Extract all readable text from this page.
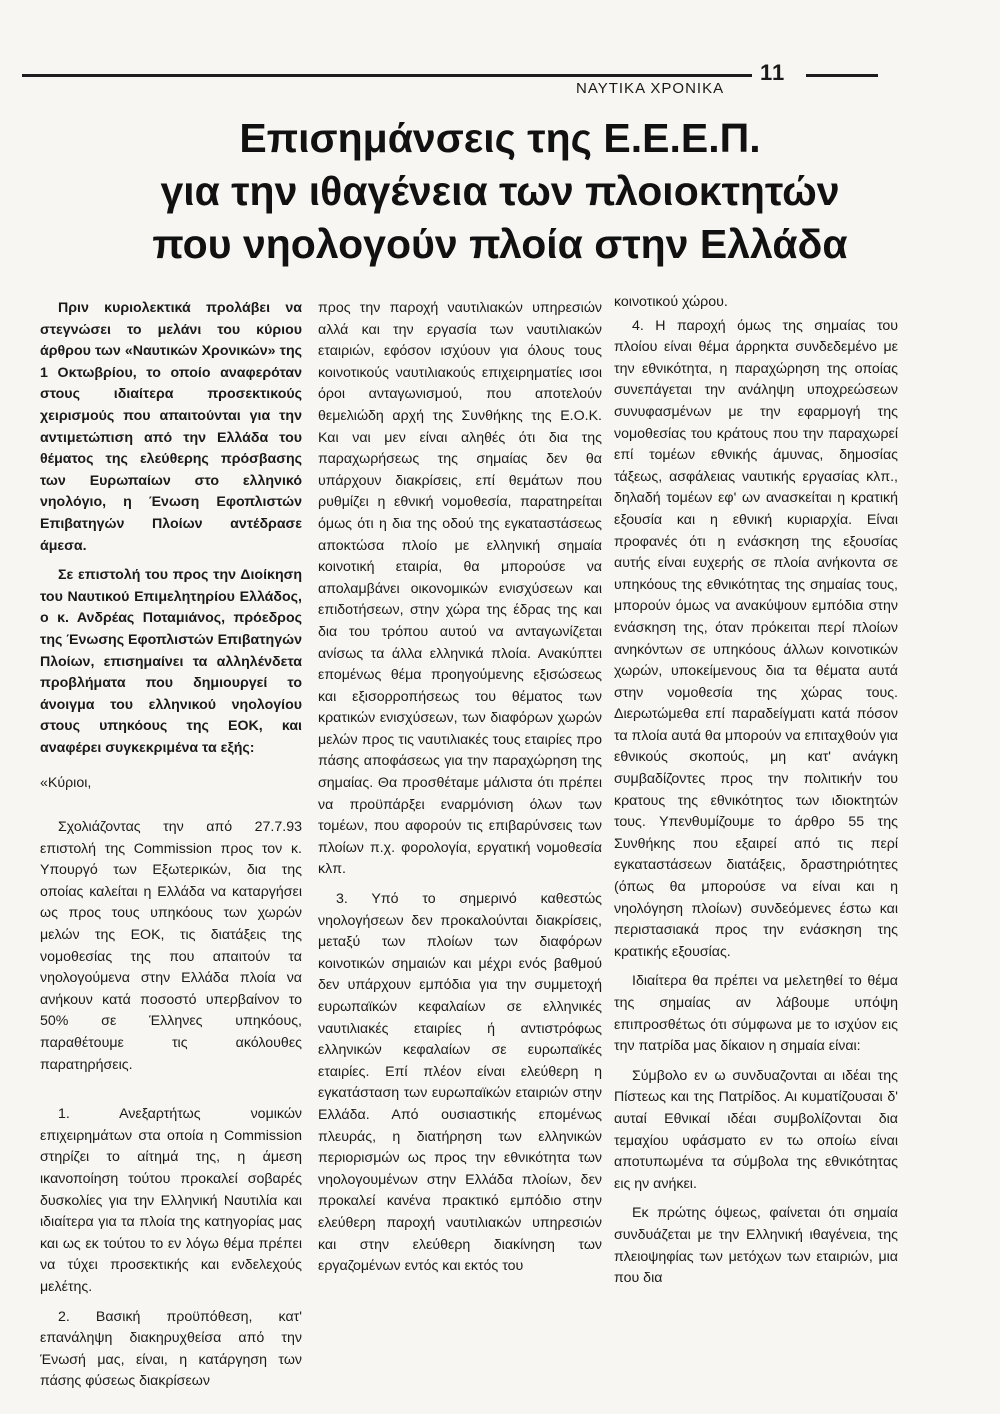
11
ΝΑΥΤΙΚΑ ΧΡΟΝΙΚΑ
Επισημάνσεις της Ε.Ε.Ε.Π.
για την ιθαγένεια των πλοιοκτητών
που νηολογούν πλοία στην Ελλάδα

Πριν κυριολεκτικά προλάβει να στεγνώσει το μελάνι του κύριου άρθρου των «Ναυτικών Χρονικών» της 1 Οκτωβρίου, το οποίο αναφερόταν στους ιδιαίτερα προσεκτικούς χειρισμούς που απαιτούνται για την αντιμετώπιση από την Ελλάδα του θέματος της ελεύθερης πρόσβασης των Ευρωπαίων στο ελληνικό νηολόγιο, η Ένωση Εφοπλιστών Επιβατηγών Πλοίων αντέδρασε άμεσα.

Σε επιστολή του προς την Διοίκηση του Ναυτικού Επιμελητηρίου Ελλάδος, ο κ. Ανδρέας Ποταμιάνος, πρόεδρος της Ένωσης Εφοπλιστών Επιβατηγών Πλοίων, επισημαίνει τα αλληλένδετα προβλήματα που δημιουργεί το άνοιγμα του ελληνικού νηολογίου στους υπηκόους της ΕΟΚ, και αναφέρει συγκεκριμένα τα εξής:

«Κύριοι,

Σχολιάζοντας την από 27.7.93 επιστολή της Commission προς τον κ. Υπουργό των Εξωτερικών, δια της οποίας καλείται η Ελλάδα να καταργήσει ως προς τους υπηκόους των χωρών μελών της ΕΟΚ, τις διατάξεις της νομοθεσίας της που απαιτούν τα νηολογούμενα στην Ελλάδα πλοία να ανήκουν κατά ποσοστό υπερβαίνον το 50% σε Έλληνες υπηκόους, παραθέτουμε τις ακόλουθες παρατηρήσεις.

1. Ανεξαρτήτως νομικών επιχειρημάτων στα οποία η Commission στηρίζει το αίτημά της, η άμεση ικανοποίηση τούτου προκαλεί σοβαρές δυσκολίες για την Ελληνική Ναυτιλία και ιδιαίτερα για τα πλοία της κατηγορίας μας και ως εκ τούτου το εν λόγω θέμα πρέπει να τύχει προσεκτικής και ενδελεχούς μελέτης.

2. Βασική προϋπόθεση, κατ' επανάληψη διακηρυχθείσα από την Ένωσή μας, είναι, η κατάργηση των πάσης φύσεως διακρίσεων

προς την παροχή ναυτιλιακών υπηρεσιών αλλά και την εργασία των ναυτιλιακών εταιριών, εφόσον ισχύουν για όλους τους κοινοτικούς ναυτιλιακούς επιχειρηματίες ισοι όροι ανταγωνισμού, που αποτελούν θεμελιώδη αρχή της Συνθήκης της Ε.Ο.Κ. Και ναι μεν είναι αληθές ότι δια της παραχωρήσεως της σημαίας δεν θα υπάρχουν διακρίσεις, επί θεμάτων που ρυθμίζει η εθνική νομοθεσία, παρατηρείται όμως ότι η δια της οδού της εγκαταστάσεως αποκτώσα πλοίο με ελληνική σημαία κοινοτική εταιρία, θα μπορούσε να απολαμβάνει οικονομικών ενισχύσεων και επιδοτήσεων, στην χώρα της έδρας της και δια του τρόπου αυτού να ανταγωνίζεται ανίσως τα άλλα ελληνικά πλοία. Ανακύπτει επομένως θέμα προηγούμενης εξισώσεως και εξισορροπήσεως του θέματος των κρατικών ενισχύσεων, των διαφόρων χωρών μελών προς τις ναυτιλιακές τους εταιρίες προ πάσης αποφάσεως για την παραχώρηση της σημαίας. Θα προσθέταμε μάλιστα ότι πρέπει να προϋπάρξει εναρμόνιση όλων των τομέων, που αφορούν τις επιβαρύνσεις των πλοίων π.χ. φορολογία, εργατική νομοθεσία κλπ.

3. Υπό το σημερινό καθεστώς νηολογήσεων δεν προκαλούνται διακρίσεις, μεταξύ των πλοίων των διαφόρων κοινοτικών σημαιών και μέχρι ενός βαθμού δεν υπάρχουν εμπόδια για την συμμετοχή ευρωπαϊκών κεφαλαίων σε ελληνικές ναυτιλιακές εταιρίες ή αντιστρόφως ελληνικών κεφαλαίων σε ευρωπαϊκές εταιρίες. Επί πλέον είναι ελεύθερη η εγκατάσταση των ευρωπαϊκών εταιριών στην Ελλάδα. Από ουσιαστικής επομένως πλευράς, η διατήρηση των ελληνικών περιορισμών ως προς την εθνικότητα των νηολογουμένων στην Ελλάδα πλοίων, δεν προκαλεί κανένα πρακτικό εμπόδιο στην ελεύθερη παροχή ναυτιλιακών υπηρεσιών και στην ελεύθερη διακίνηση των εργαζομένων εντός και εκτός του

κοινοτικού χώρου.

4. Η παροχή όμως της σημαίας του πλοίου είναι θέμα άρρηκτα συνδεδεμένο με την εθνικότητα, η παραχώρηση της οποίας συνεπάγεται την ανάληψη υποχρεώσεων συνυφασμένων με την εφαρμογή της νομοθεσίας του κράτους που την παραχωρεί επί τομέων εθνικής άμυνας, δημοσίας τάξεως, ασφάλειας ναυτικής εργασίας κλπ., δηλαδή τομέων εφ' ων ανασκείται η κρατική εξουσία και η εθνική κυριαρχία. Είναι προφανές ότι η ενάσκηση της εξουσίας αυτής είναι ευχερής σε πλοία ανήκοντα σε υπηκόους της εθνικότητας της σημαίας τους, μπορούν όμως να ανακύψουν εμπόδια στην ενάσκηση της, όταν πρόκειται περί πλοίων ανηκόντων σε υπηκόους άλλων κοινοτικών χωρών, υποκείμενους δια τα θέματα αυτά στην νομοθεσία της χώρας τους. Διερωτώμεθα επί παραδείγματι κατά πόσον τα πλοία αυτά θα μπορούν να επιταχθούν για εθνικούς σκοπούς, μη κατ' ανάγκη συμβαδίζοντες προς την πολιτικήν του κρατους της εθνικότητος των ιδιοκτητών τους. Υπενθυμίζουμε το άρθρο 55 της Συνθήκης που εξαιρεί από τις περί εγκαταστάσεων διατάξεις, δραστηριότητες (όπως θα μπορούσε να είναι και η νηολόγηση πλοίων) συνδεόμενες έστω και περιστασιακά προς την ενάσκηση της κρατικής εξουσίας.

Ιδιαίτερα θα πρέπει να μελετηθεί το θέμα της σημαίας αν λάβουμε υπόψη επιπροσθέτως ότι σύμφωνα με το ισχύον εις την πατρίδα μας δίκαιον η σημαία είναι:

Σύμβολο εν ω συνδυαζονται αι ιδέαι της Πίστεως και της Πατρίδος. Αι κυματίζουσαι δ' αυταί Εθνικαί ιδέαι συμβολίζονται δια τεμαχίου υφάσματο εν τω οποίω είναι αποτυπωμένα τα σύμβολα της εθνικότητας εις ην ανήκει.

Εκ πρώτης όψεως, φαίνεται ότι σημαία συνδυάζεται με την Ελληνική ιθαγένεια, της πλειοψηφίας των μετόχων των εταιριών, μια που δια
